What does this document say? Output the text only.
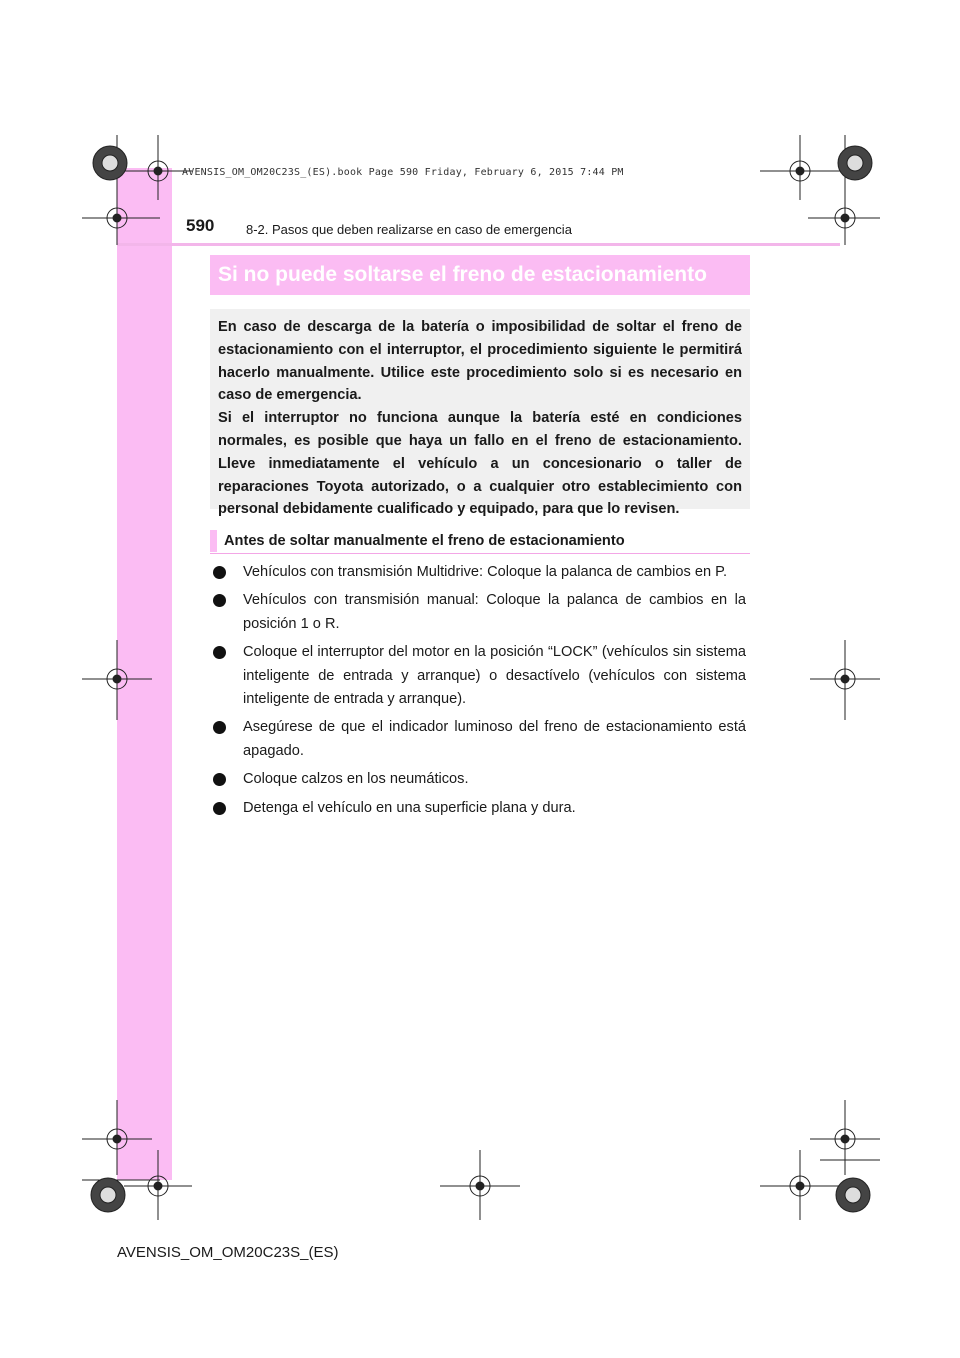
AVENSIS_OM_OM20C23S_(ES).book Page 590 Friday, February 6, 2015 7:44 PM
590 8-2. Pasos que deben realizarse en caso de emergencia
Si no puede soltarse el freno de estacionamiento

En caso de descarga de la batería o imposibilidad de soltar el freno de estacionamiento con el interruptor, el procedimiento siguiente le permitirá hacerlo manualmente. Utilice este procedimiento solo si es necesario en caso de emergencia.

Si el interruptor no funciona aunque la batería esté en condiciones normales, es posible que haya un fallo en el freno de estacionamiento. Lleve inmediatamente el vehículo a un concesionario o taller de reparaciones Toyota autorizado, o a cualquier otro establecimiento con personal debidamente cualificado y equipado, para que lo revisen.

Antes de soltar manualmente el freno de estacionamiento
Vehículos con transmisión Multidrive: Coloque la palanca de cambios en P.
Vehículos con transmisión manual: Coloque la palanca de cambios en la posición 1 o R.
Coloque el interruptor del motor en la posición “LOCK” (vehículos sin sistema inteligente de entrada y arranque) o desactívelo (vehículos con sistema inteligente de entrada y arranque).
Asegúrese de que el indicador luminoso del freno de estacionamiento está apagado.
Coloque calzos en los neumáticos.
Detenga el vehículo en una superficie plana y dura.
AVENSIS_OM_OM20C23S_(ES)
